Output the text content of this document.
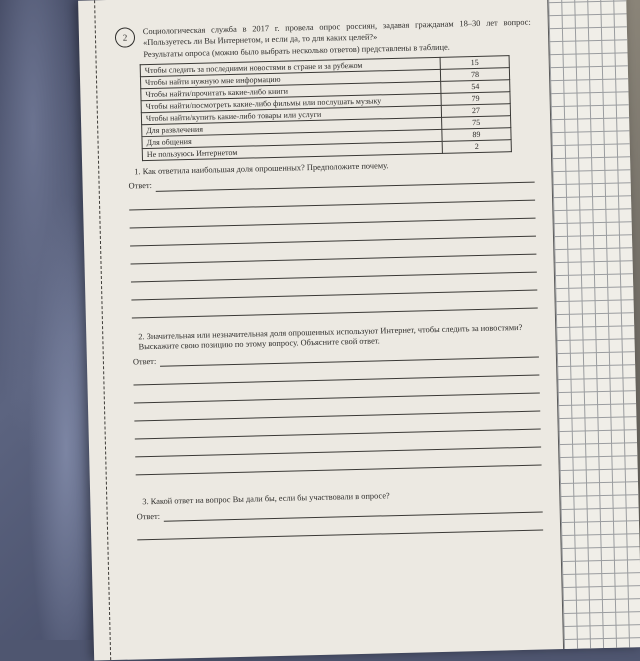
2

Социологическая служба в 2017 г. провела опрос россиян, задавая гражданам 18–30 лет вопрос: «Пользуетесь ли Вы Интернетом, и если да, то для каких целей?»

Результаты опроса (можно было выбрать несколько ответов) представлены в таблице.

Чтобы следить за последними новостями в стране и за рубежом	15
Чтобы найти нужную мне информацию	78
Чтобы найти/прочитать какие-либо книги	54
Чтобы найти/посмотреть какие-либо фильмы или послушать музыку	79
Чтобы найти/купить какие-либо товары или услуги	27
Для развлечения	75
Для общения	89
Не пользуюсь Интернетом	2

1. Как ответила наибольшая доля опрошенных? Предположите почему.

Ответ:

2. Значительная или незначительная доля опрошенных используют Интернет, чтобы следить за новостями? Выскажите свою позицию по этому вопросу. Объясните свой ответ.

Ответ:

3. Какой ответ на вопрос Вы дали бы, если бы участвовали в опросе?

Ответ:
